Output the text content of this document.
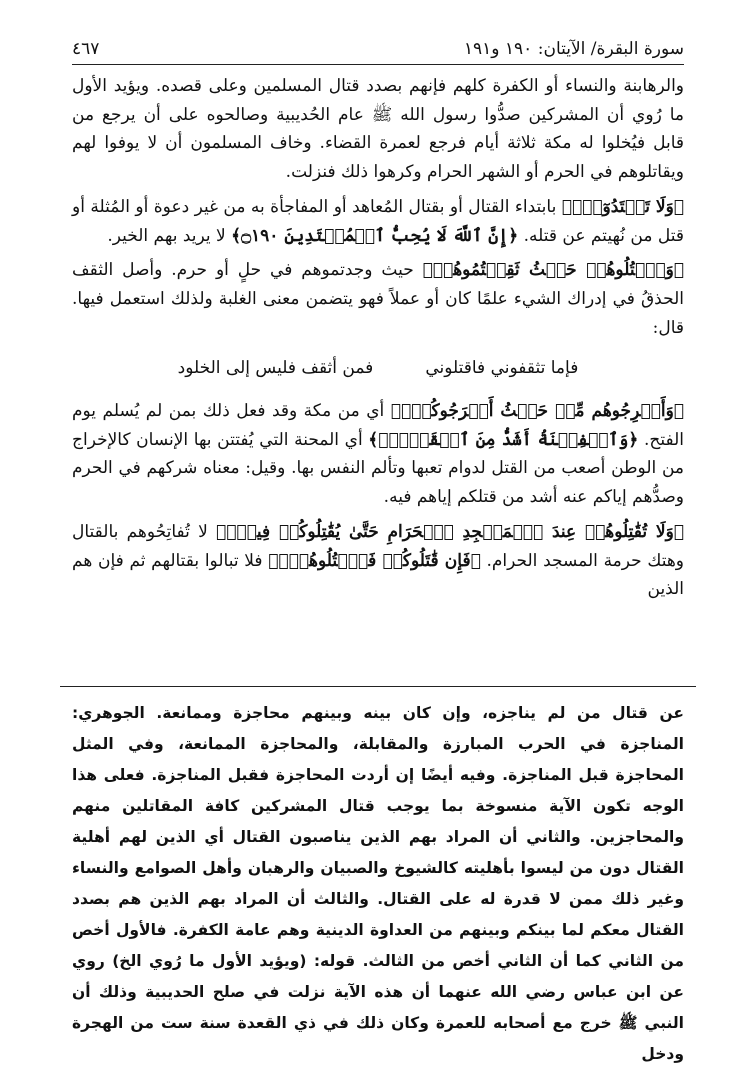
سورة البقرة/ الآيتان: ١٩٠ و١٩١
٤٦٧

والرهابنة والنساء أو الكفرة كلهم فإنهم بصدد قتال المسلمين وعلى قصده. ويؤيد الأول ما رُوي أن المشركين صدُّوا رسول الله ﷺ عام الحُديبية وصالحوه على أن يرجع من قابل فيُخلوا له مكة ثلاثة أيام فرجع لعمرة القضاء. وخاف المسلمون أن لا يوفوا لهم ويقاتلوهم في الحرم أو الشهر الحرام وكرهوا ذلك فنزلت.

﴿وَلَا تَعۡتَدُوٓاْۚ﴾ بابتداء القتال أو بقتال المُعاهد أو المفاجأة به من غير دعوة أو المُثلة أو قتل من نُهيتم عن قتله. ﴿إِنَّ ٱللَّهَ لَا يُحِبُّ ٱلۡمُعۡتَدِينَ ۝١٩٠﴾ لا يريد بهم الخير.

﴿وَٱقۡتُلُوهُمۡ حَيۡثُ ثَقِفۡتُمُوهُمۡ﴾ حيث وجدتموهم في حلٍ أو حرم. وأصل الثقف الحذقُ في إدراك الشيء علمًا كان أو عملاً فهو يتضمن معنى الغلبة ولذلك استعمل فيها. قال:

فإما تثقفوني فاقتلوني
فمن أثقف فليس إلى الخلود

﴿وَأَخۡرِجُوهُم مِّنۡ حَيۡثُ أَخۡرَجُوكُمۡۚ﴾ أي من مكة وقد فعل ذلك بمن لم يُسلم يوم الفتح. ﴿وَٱلۡفِتۡنَةُ أَشَدُّ مِنَ ٱلۡقَتۡلِۚ﴾ أي المحنة التي يُفتتن بها الإنسان كالإخراج من الوطن أصعب من القتل لدوام تعبها وتألم النفس بها. وقيل: معناه شركهم في الحرم وصدُّهم إياكم عنه أشد من قتلكم إياهم فيه.

﴿وَلَا تُقَٰتِلُوهُمۡ عِندَ ٱلۡمَسۡجِدِ ٱلۡحَرَامِ حَتَّىٰ يُقَٰتِلُوكُمۡ فِيهِۖ﴾ لا تُفاتِحُوهم بالقتال وهتك حرمة المسجد الحرام. ﴿فَإِن قَٰتَلُوكُمۡ فَٱقۡتُلُوهُمۡۗ﴾ فلا تبالوا بقتالهم ثم فإن هم الذين

عن قتال من لم يناجزه، وإن كان بينه وبينهم محاجزة وممانعة. الجوهري: المناجزة في الحرب المبارزة والمقابلة، والمحاجزة الممانعة، وفي المثل المحاجزة قبل المناجزة. وفيه أيضًا إن أردت المحاجزة فقبل المناجزة. فعلى هذا الوجه تكون الآية منسوخة بما يوجب قتال المشركين كافة المقاتلين منهم والمحاجزين. والثاني أن المراد بهم الذين يناصبون القتال أي الذين لهم أهلية القتال دون من ليسوا بأهليته كالشيوخ والصبيان والرهبان وأهل الصوامع والنساء وغير ذلك ممن لا قدرة له على القتال. والثالث أن المراد بهم الذين هم بصدد القتال معكم لما بينكم وبينهم من العداوة الدينية وهم عامة الكفرة. فالأول أخص من الثاني كما أن الثاني أخص من الثالث. قوله: (ويؤيد الأول ما رُوي الخ) روي عن ابن عباس رضي الله عنهما أن هذه الآية نزلت في صلح الحديبية وذلك أن النبي ﷺ خرج مع أصحابه للعمرة وكان ذلك في ذي القعدة سنة ست من الهجرة ودخل
